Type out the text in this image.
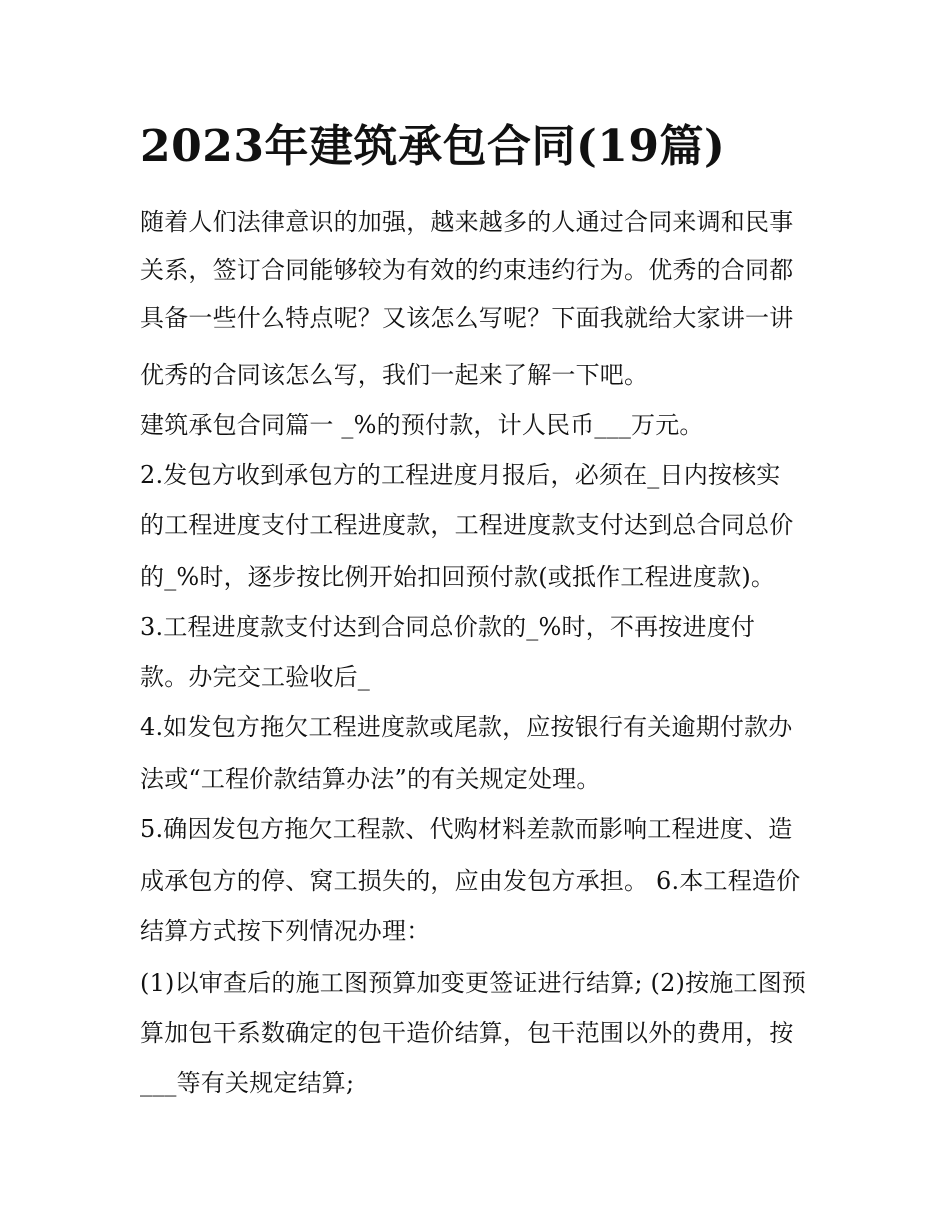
2023年建筑承包合同(19篇)

随着人们法律意识的加强，越来越多的人通过合同来调和民事

关系，签订合同能够较为有效的约束违约行为。优秀的合同都

具备一些什么特点呢？又该怎么写呢？下面我就给大家讲一讲

优秀的合同该怎么写，我们一起来了解一下吧。

建筑承包合同篇一 _%的预付款，计人民币___万元。

2.发包方收到承包方的工程进度月报后，必须在_日内按核实

的工程进度支付工程进度款，工程进度款支付达到总合同总价

的_%时，逐步按比例开始扣回预付款(或抵作工程进度款)。

3.工程进度款支付达到合同总价款的_%时，不再按进度付

款。办完交工验收后_

4.如发包方拖欠工程进度款或尾款，应按银行有关逾期付款办

法或“工程价款结算办法”的有关规定处理。

5.确因发包方拖欠工程款、代购材料差款而影响工程进度、造

成承包方的停、窝工损失的，应由发包方承担。 6.本工程造价

结算方式按下列情况办理：

(1)以审查后的施工图预算加变更签证进行结算; (2)按施工图预

算加包干系数确定的包干造价结算，包干范围以外的费用，按

___等有关规定结算;
